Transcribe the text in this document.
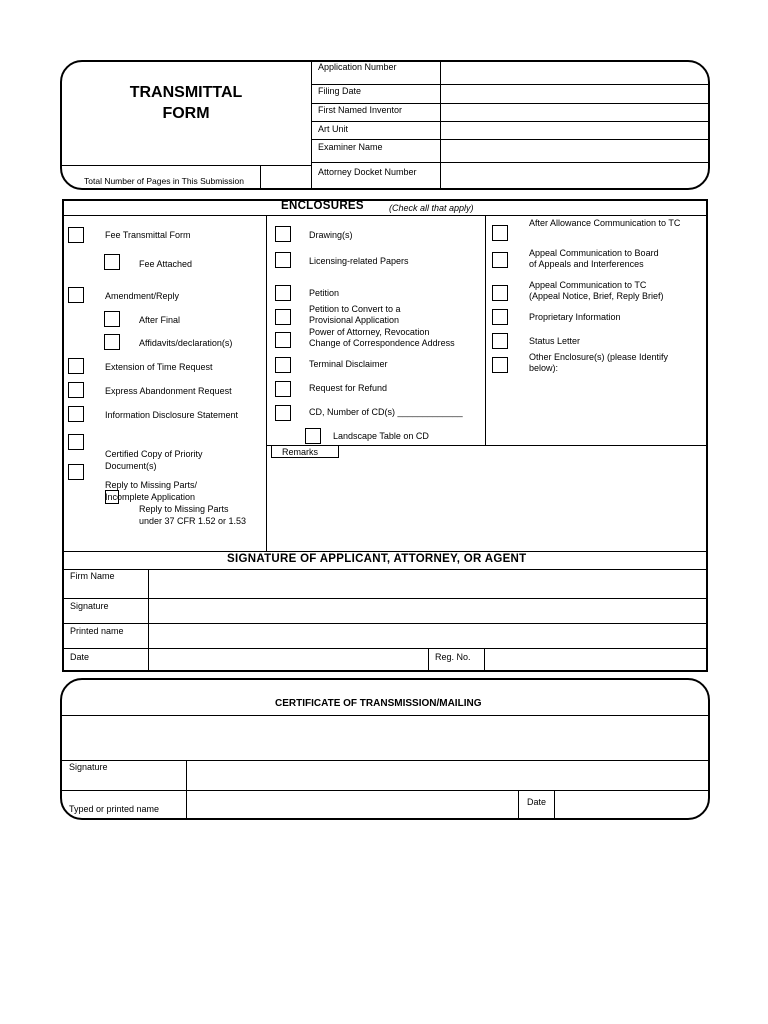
TRANSMITTAL
FORM
Application Number
Filing Date
First Named Inventor
Art Unit
Examiner Name
Attorney Docket Number
Total Number of Pages in This Submission
ENCLOSURES	(Check all that apply)
Fee Transmittal Form
Fee Attached
Amendment/Reply
After Final
Affidavits/declaration(s)
Extension of Time Request
Express Abandonment Request
Information Disclosure Statement
Certified Copy of Priority
Document(s)
Reply to Missing Parts/
Incomplete Application
Reply to Missing Parts
under 37 CFR 1.52 or 1.53
Drawing(s)
Licensing-related Papers
Petition
Petition to Convert to a
Provisional Application
Power of Attorney, Revocation
Change of Correspondence Address
Terminal Disclaimer
Request for Refund
CD, Number of CD(s) _____________
Landscape Table on CD
After Allowance Communication to TC
Appeal Communication to Board
of Appeals and Interferences
Appeal Communication to TC
(Appeal Notice, Brief, Reply Brief)
Proprietary Information
Status Letter
Other Enclosure(s) (please Identify
below):
Remarks
SIGNATURE OF APPLICANT, ATTORNEY, OR AGENT
Firm Name
Signature
Printed name
Date	Reg. No.
CERTIFICATE OF TRANSMISSION/MAILING
Signature
Typed or printed name
Date
